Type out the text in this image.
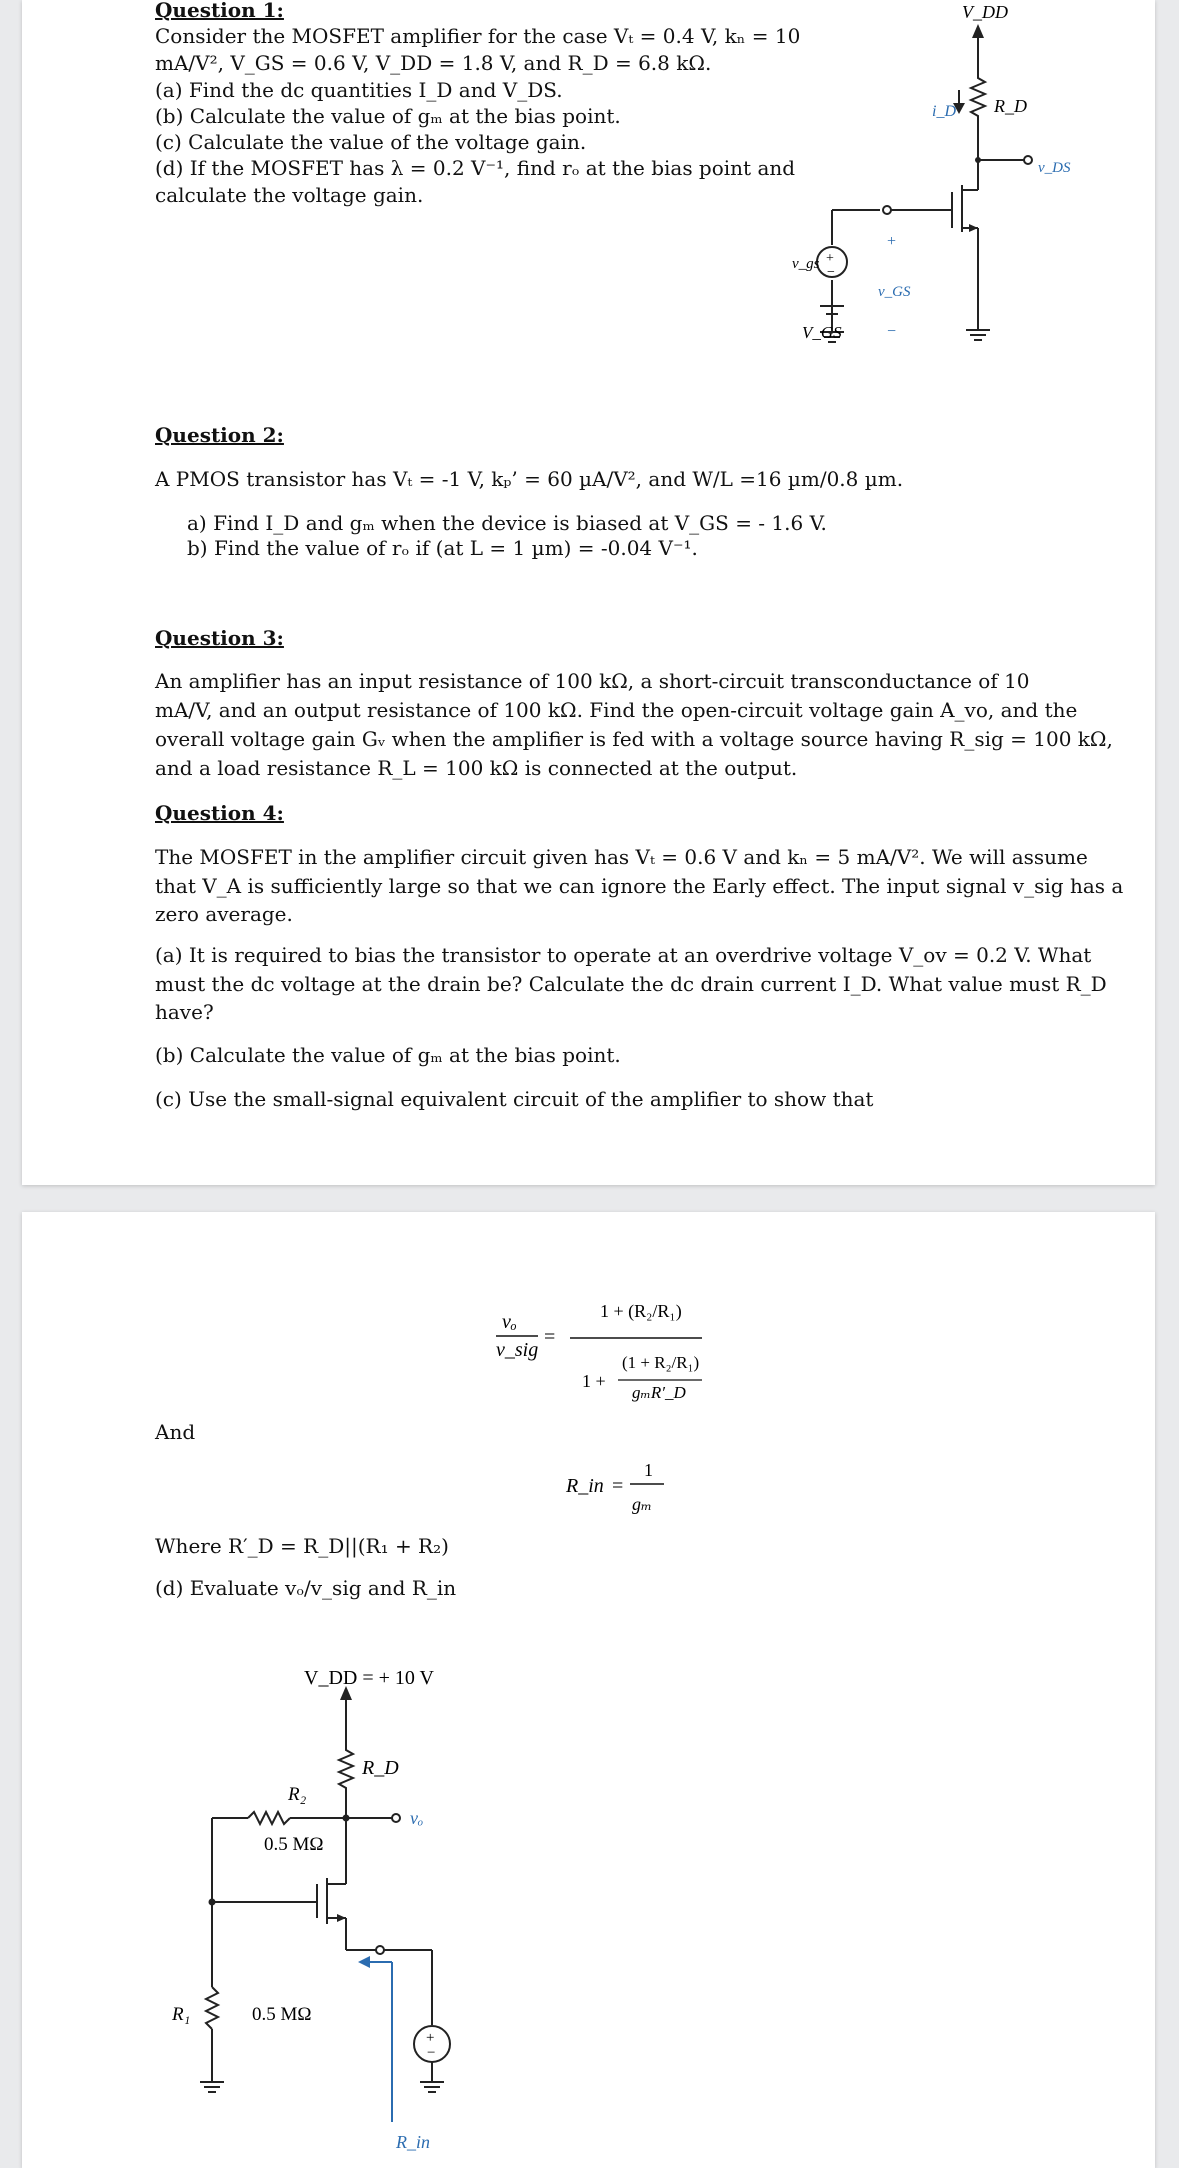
Question 1:
Consider the MOSFET amplifier for the case Vₜ = 0.4 V, kₙ = 10
mA/V², V_GS = 0.6 V, V_DD = 1.8 V, and R_D = 6.8 kΩ.
(a) Find the dc quantities I_D and V_DS.
(b) Calculate the value of gₘ at the bias point.
(c) Calculate the value of the voltage gain.
(d) If the MOSFET has λ = 0.2 V⁻¹, find rₒ at the bias point and
calculate the voltage gain.
V_DD
R_D
i_D
v_DS
v_gs
v_GS
V_GS
+
−
+
−
Question 2:
A PMOS transistor has Vₜ = -1 V, kₚ’ = 60 µA/V², and W/L =16 µm/0.8 µm.
a) Find I_D and gₘ when the device is biased at V_GS = - 1.6 V.
b) Find the value of rₒ if (at L = 1 µm) = -0.04 V⁻¹.
Question 3:
An amplifier has an input resistance of 100 kΩ, a short-circuit transconductance of 10
mA/V, and an output resistance of 100 kΩ. Find the open-circuit voltage gain A_vo, and the
overall voltage gain Gᵥ when the amplifier is fed with a voltage source having R_sig = 100 kΩ,
and a load resistance R_L = 100 kΩ is connected at the output.
Question 4:
The MOSFET in the amplifier circuit given has Vₜ = 0.6 V and kₙ = 5 mA/V². We will assume
that V_A is sufficiently large so that we can ignore the Early effect. The input signal v_sig has a
zero average.
(a) It is required to bias the transistor to operate at an overdrive voltage V_ov = 0.2 V. What
must the dc voltage at the drain be? Calculate the dc drain current I_D. What value must R_D
have?
(b) Calculate the value of gₘ at the bias point.
(c) Use the small-signal equivalent circuit of the amplifier to show that
vₒ
v_sig
=
1 + (R₂/R₁)
1 +
(1 + R₂/R₁)
gₘR′_D
And
R_in =
1
gₘ
Where R′_D = R_D||(R₁ + R₂)
(d) Evaluate vₒ/v_sig and R_in
V_DD = + 10 V
R_D
R₂
0.5 MΩ
R₁	0.5 MΩ
vₒ
R_in
+
−
